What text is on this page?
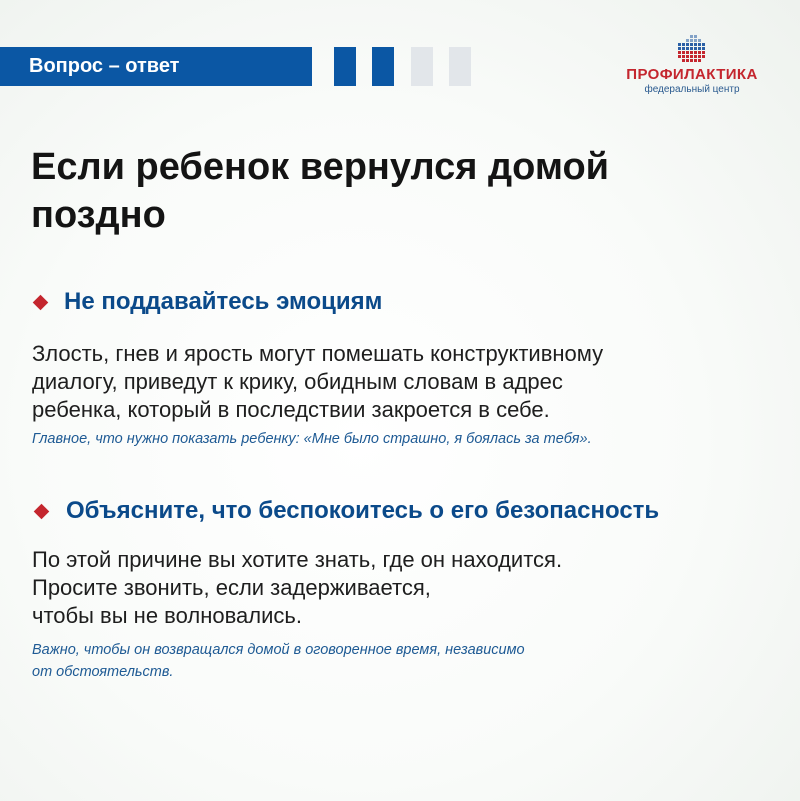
Вопрос – ответ	ПРОФИЛАКТИКА
федеральный центр
Если ребенок вернулся домой
поздно
Не поддавайтесь эмоциям
Злость, гнев и ярость могут помешать конструктивному
диалогу, приведут к крику, обидным словам в адрес
ребенка, который в последствии закроется в себе.
Главное, что нужно показать ребенку: «Мне было страшно, я боялась за тебя».
Объясните, что беспокоитесь о его безопасность
По этой причине вы хотите знать, где он находится.
Просите звонить, если задерживается,
чтобы вы не волновались.
Важно, чтобы он возвращался домой в оговоренное время, независимо
от обстоятельств.
